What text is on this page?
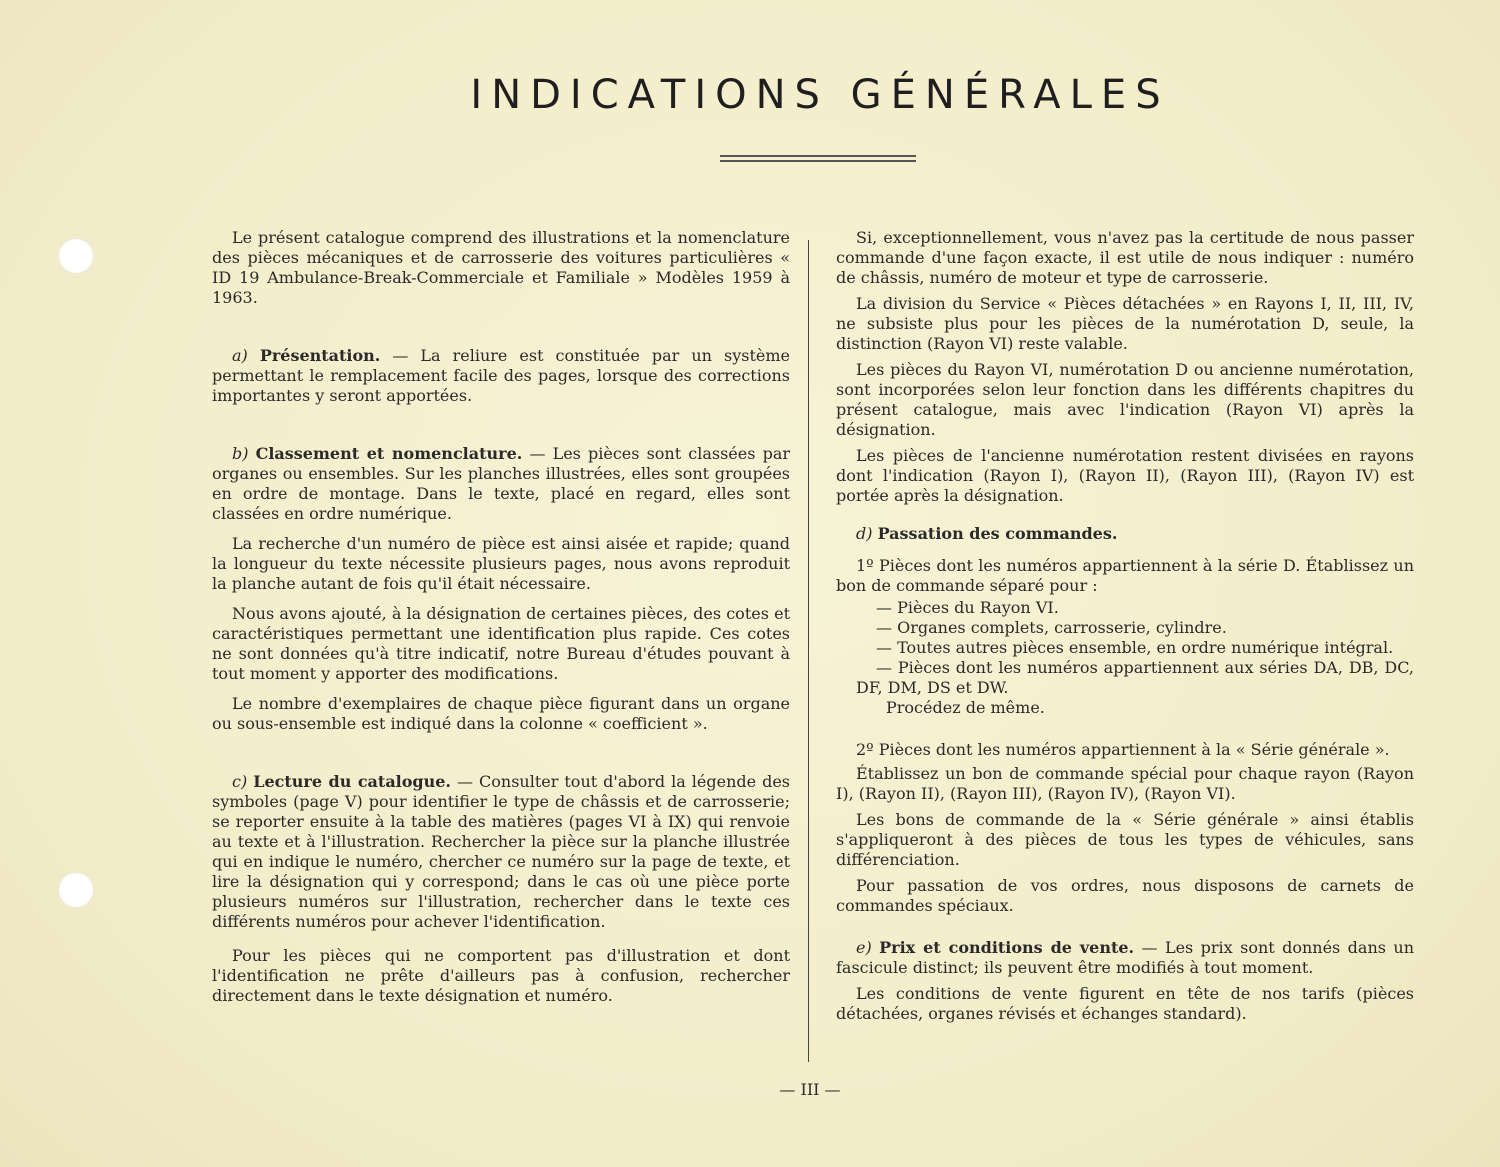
INDICATIONS GÉNÉRALES

Le présent catalogue comprend des illustrations et la nomenclature des pièces mécaniques et de carrosserie des voitures particulières « ID 19 Ambulance-Break-Commerciale et Familiale » Modèles 1959 à 1963.

a) Présentation. — La reliure est constituée par un système permettant le remplacement facile des pages, lorsque des corrections importantes y seront apportées.

b) Classement et nomenclature. — Les pièces sont classées par organes ou ensembles. Sur les planches illustrées, elles sont groupées en ordre de montage. Dans le texte, placé en regard, elles sont classées en ordre numérique.

La recherche d'un numéro de pièce est ainsi aisée et rapide; quand la longueur du texte nécessite plusieurs pages, nous avons reproduit la planche autant de fois qu'il était nécessaire.

Nous avons ajouté, à la désignation de certaines pièces, des cotes et caractéristiques permettant une identification plus rapide. Ces cotes ne sont données qu'à titre indicatif, notre Bureau d'études pouvant à tout moment y apporter des modifications.

Le nombre d'exemplaires de chaque pièce figurant dans un organe ou sous-ensemble est indiqué dans la colonne « coefficient ».

c) Lecture du catalogue. — Consulter tout d'abord la légende des symboles (page V) pour identifier le type de châssis et de carrosserie; se reporter ensuite à la table des matières (pages VI à IX) qui renvoie au texte et à l'illustration. Rechercher la pièce sur la planche illustrée qui en indique le numéro, chercher ce numéro sur la page de texte, et lire la désignation qui y correspond; dans le cas où une pièce porte plusieurs numéros sur l'illustration, rechercher dans le texte ces différents numéros pour achever l'identification.

Pour les pièces qui ne comportent pas d'illustration et dont l'identification ne prête d'ailleurs pas à confusion, rechercher directement dans le texte désignation et numéro.

Si, exceptionnellement, vous n'avez pas la certitude de nous passer commande d'une façon exacte, il est utile de nous indiquer : numéro de châssis, numéro de moteur et type de carrosserie.

La division du Service « Pièces détachées » en Rayons I, II, III, IV, ne subsiste plus pour les pièces de la numérotation D, seule, la distinction (Rayon VI) reste valable.

Les pièces du Rayon VI, numérotation D ou ancienne numérotation, sont incorporées selon leur fonction dans les différents chapitres du présent catalogue, mais avec l'indication (Rayon VI) après la désignation.

Les pièces de l'ancienne numérotation restent divisées en rayons dont l'indication (Rayon I), (Rayon II), (Rayon III), (Rayon IV) est portée après la désignation.

d) Passation des commandes.

1º Pièces dont les numéros appartiennent à la série D. Établissez un bon de commande séparé pour :

— Pièces du Rayon VI.

— Organes complets, carrosserie, cylindre.

— Toutes autres pièces ensemble, en ordre numérique intégral.

— Pièces dont les numéros appartiennent aux séries DA, DB, DC, DF, DM, DS et DW.

Procédez de même.

2º Pièces dont les numéros appartiennent à la « Série générale ».

Établissez un bon de commande spécial pour chaque rayon (Rayon I), (Rayon II), (Rayon III), (Rayon IV), (Rayon VI).

Les bons de commande de la « Série générale » ainsi établis s'appliqueront à des pièces de tous les types de véhicules, sans différenciation.

Pour passation de vos ordres, nous disposons de carnets de commandes spéciaux.

e) Prix et conditions de vente. — Les prix sont donnés dans un fascicule distinct; ils peuvent être modifiés à tout moment.

Les conditions de vente figurent en tête de nos tarifs (pièces détachées, organes révisés et échanges standard).

— III —
